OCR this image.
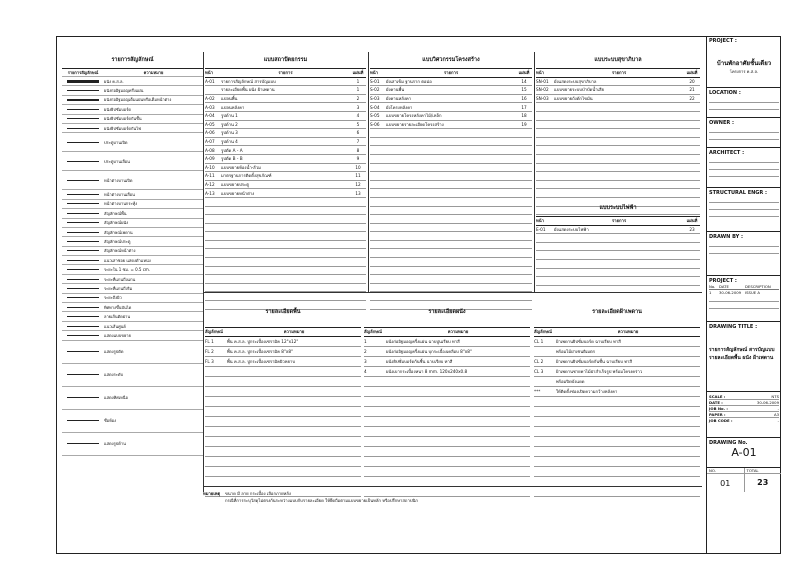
รายการสัญลักษณ์
รายการสัญลักษณ์	ความหมาย
ผนัง ค.ส.ล.
ผนังก่ออิฐมอญครึ่งแผ่น
ผนังก่ออิฐมอญเต็มแผ่นหรือเต็มหน้าต่าง
ผนังยิปซั่มบอร์ด
ผนังยิปซั่มบอร์ดกันชื้น
ผนังยิปซั่มบอร์ดกันไฟ
ประตูบานเปิด
ประตูบานเลื่อน
หน้าต่างบานเปิด
หน้าต่างบานเลื่อน
หน้าต่างบานกระทุ้ง
สัญลักษณ์พื้น
สัญลักษณ์ผนัง
สัญลักษณ์เพดาน
สัญลักษณ์ประตู
สัญลักษณ์หน้าต่าง
แนวเสาซอย แสดงตำแหน่ง
ระยะใน 1 ซม. = 0.5 cm.
ระยะที่แกนถึงแกน
ระยะที่แกนถึงริม
ระยะถึงผิว
ทิศทางขึ้นบันได
ลายเส้นตัดผ่าน
แนวเส้นศูนย์
แสดงแบบขยาย
แสดงรูปตัด
แสดงระดับ
แสดงทิศเหนือ
ชื่อห้อง
แสดงรูปด้าน
แบบสถาปัตยกรรม
หน้า	รายการ	แผ่นที่
A-01	รายการสัญลักษณ์ สารบัญแบบ	1
รายละเอียดพื้น ผนัง ฝ้าเพดาน	1
A-02	แปลนพื้น	2
A-03	แปลนหลังคา	3
A-04	รูปด้าน 1	4
A-05	รูปด้าน 2	5
A-06	รูปด้าน 3	6
A-07	รูปด้าน 4	7
A-08	รูปตัด A - A	8
A-09	รูปตัด B - B	9
A-10	แบบขยายห้องน้ำ-ส้วม	10
A-11	มาตรฐานการติดตั้งสุขภัณฑ์	11
A-12	แบบขยายประตู	12
A-13	แบบขยายหน้าต่าง	13
แบบวิศวกรรมโครงสร้าง
หน้า	รายการ	แผ่นที่
S-01	ผังเสาเข็ม ฐานราก ตอม่อ	14
S-02	ผังคานพื้น	15
S-03	ผังคานหลังคา	16
S-04	ผังโครงหลังคา	17
S-05	แบบขยายโครงหลังคาไม้/เหล็ก	18
S-06	แบบขยายรายละเอียดโครงสร้าง	19
แบบระบบสุขาภิบาล
หน้า	รายการ	แผ่นที่
SN-01	ผังแสดงระบบสุขาภิบาล	20
SN-02	แบบขยายระบบบำบัดน้ำเสีย	21
SN-03	แบบขยายถังดักไขมัน	22
แบบระบบไฟฟ้า
หน้า	รายการ	แผ่นที่
E-01	ผังแสดงระบบไฟฟ้า	23
รายละเอียดพื้น	รายละเอียดผนัง	รายละเอียดฝ้าเพดาน
สัญลักษณ์	ความหมาย
FL 1	พื้น ค.ส.ล. ปูกระเบื้องเซรามิค 12"x12"
FL 2	พื้น ค.ส.ล. ปูกระเบื้องเซรามิค 8"x8"
FL 3	พื้น ค.ส.ล. ปูกระเบื้องเซรามิคผิวหยาบ
สัญลักษณ์	ความหมาย
1	ผนังก่ออิฐมอญครึ่งแผ่น ฉาบปูนเรียบ ทาสี
2	ผนังก่ออิฐมอญครึ่งแผ่น บุกระเบื้องเคลือบ 8"x8"
3	ผนังยิปซั่มบอร์ดกันชื้น ฉาบเรียบ ทาสี
4	ผนังเบากระเบื้องหนา 8 mm. 120x240x0.8
สัญลักษณ์	ความหมาย
CL 1	ฝ้าเพดานยิปซั่มบอร์ด ฉาบเรียบ ทาสี
พร้อมไม้ฝาเซนติเมตร
CL 2	ฝ้าเพดานยิปซั่มบอร์ดกันชื้น ฉาบเรียบ ทาสี
CL 3	ฝ้าเพดานชายคาไม้ฝาสำเร็จรูป พร้อมโครงคร่าว
พร้อมปิดบังแดด
***	ให้ติดตั้งช่องเปิดความกว้างหลังคา
หมายเหตุ	ขนาด มี ลาย กระเบื้อง เลือกภายหลัง
กรณีที่การระบุวัสดุไม่ตรงกันระหว่างแบบกับรายละเอียด ให้ยึดถือตามแบบขยายเป็นหลัก หรือปรึกษาสถาปนิก
PROJECT :
บ้านพักอาศัยชั้นเดียว
โครงการ ค.ส.ล.
LOCATION :
OWNER :
ARCHITECT :
STRUCTURAL ENGR :
DRAWN BY :
PROJECT :
No. DATE	DESCRIPTION
1	30-06-2009	ISSUE A
DRAWING TITLE :
รายการสัญลักษณ์ สารบัญแบบ
รายละเอียดพื้น ผนัง ฝ้าเพดาน
SCALE :	NTS
DATE :	30-06-2009
JOB No. :	-
PAPER :	A3
JOB CODE :	-
DRAWING No.
A-01
NO.	TOTAL
01	23
